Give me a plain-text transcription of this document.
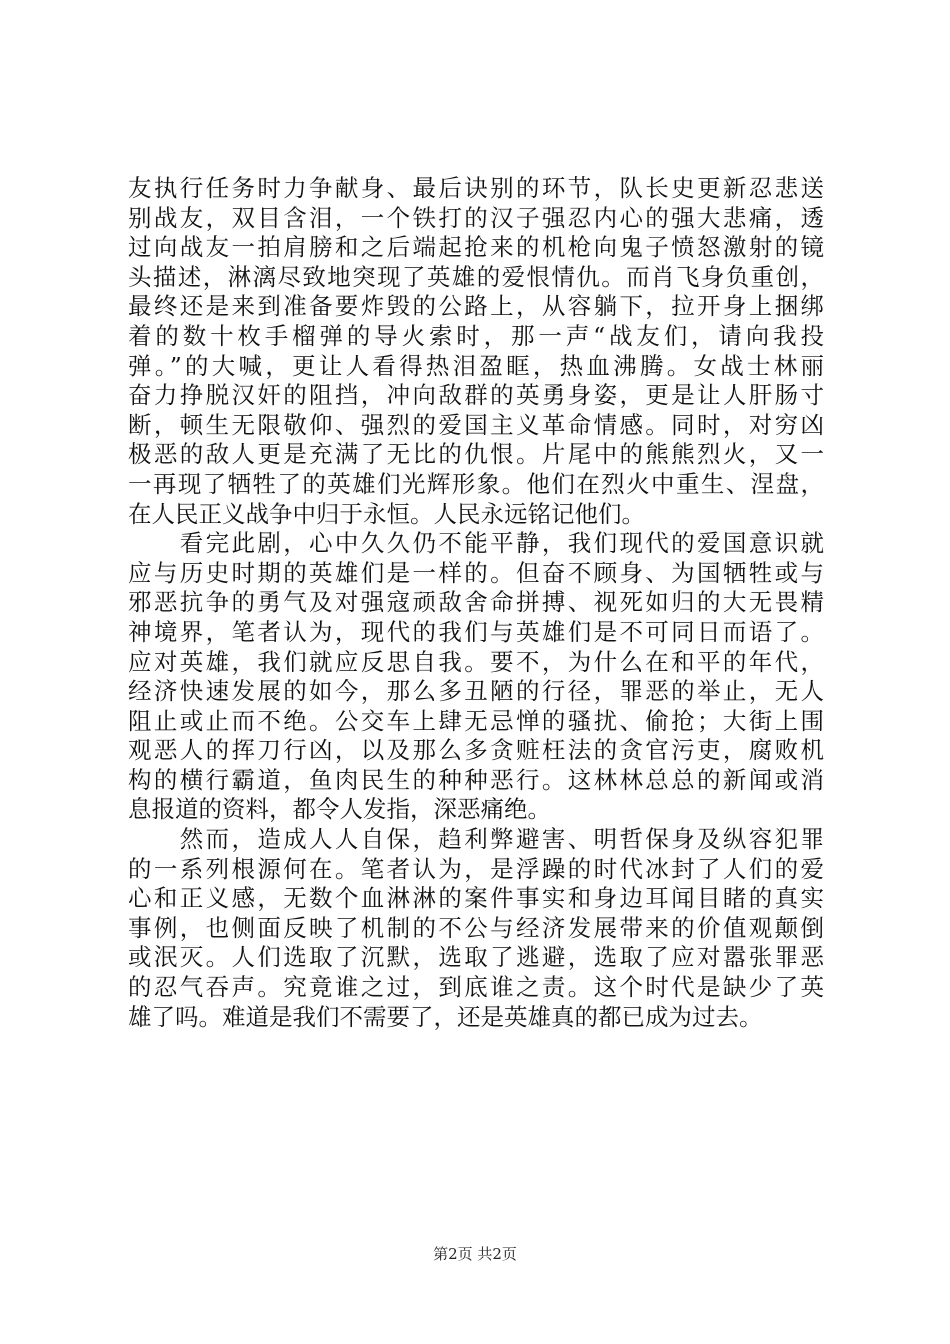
友执行任务时力争献身、最后诀别的环节，队长史更新忍悲送
别战友，双目含泪，一个铁打的汉子强忍内心的强大悲痛，透
过向战友一拍肩膀和之后端起抢来的机枪向鬼子愤怒激射的镜
头描述，淋漓尽致地突现了英雄的爱恨情仇。而肖飞身负重创，
最终还是来到准备要炸毁的公路上，从容躺下，拉开身上捆绑
着的数十枚手榴弹的导火索时，那一声“战友们，请向我投
弹。”的大喊，更让人看得热泪盈眶，热血沸腾。女战士林丽
奋力挣脱汉奸的阻挡，冲向敌群的英勇身姿，更是让人肝肠寸
断，顿生无限敬仰、强烈的爱国主义革命情感。同时，对穷凶
极恶的敌人更是充满了无比的仇恨。片尾中的熊熊烈火，又一
一再现了牺牲了的英雄们光辉形象。他们在烈火中重生、涅盘，
在人民正义战争中归于永恒。人民永远铭记他们。
　　看完此剧，心中久久仍不能平静，我们现代的爱国意识就
应与历史时期的英雄们是一样的。但奋不顾身、为国牺牲或与
邪恶抗争的勇气及对强寇顽敌舍命拼搏、视死如归的大无畏精
神境界，笔者认为，现代的我们与英雄们是不可同日而语了。
应对英雄，我们就应反思自我。要不，为什么在和平的年代，
经济快速发展的如今，那么多丑陋的行径，罪恶的举止，无人
阻止或止而不绝。公交车上肆无忌惮的骚扰、偷抢；大街上围
观恶人的挥刀行凶，以及那么多贪赃枉法的贪官污吏，腐败机
构的横行霸道，鱼肉民生的种种恶行。这林林总总的新闻或消
息报道的资料，都令人发指，深恶痛绝。
　　然而，造成人人自保，趋利弊避害、明哲保身及纵容犯罪
的一系列根源何在。笔者认为，是浮躁的时代冰封了人们的爱
心和正义感，无数个血淋淋的案件事实和身边耳闻目睹的真实
事例，也侧面反映了机制的不公与经济发展带来的价值观颠倒
或泯灭。人们选取了沉默，选取了逃避，选取了应对嚣张罪恶
的忍气吞声。究竟谁之过，到底谁之责。这个时代是缺少了英
雄了吗。难道是我们不需要了，还是英雄真的都已成为过去。
第2页 共2页
